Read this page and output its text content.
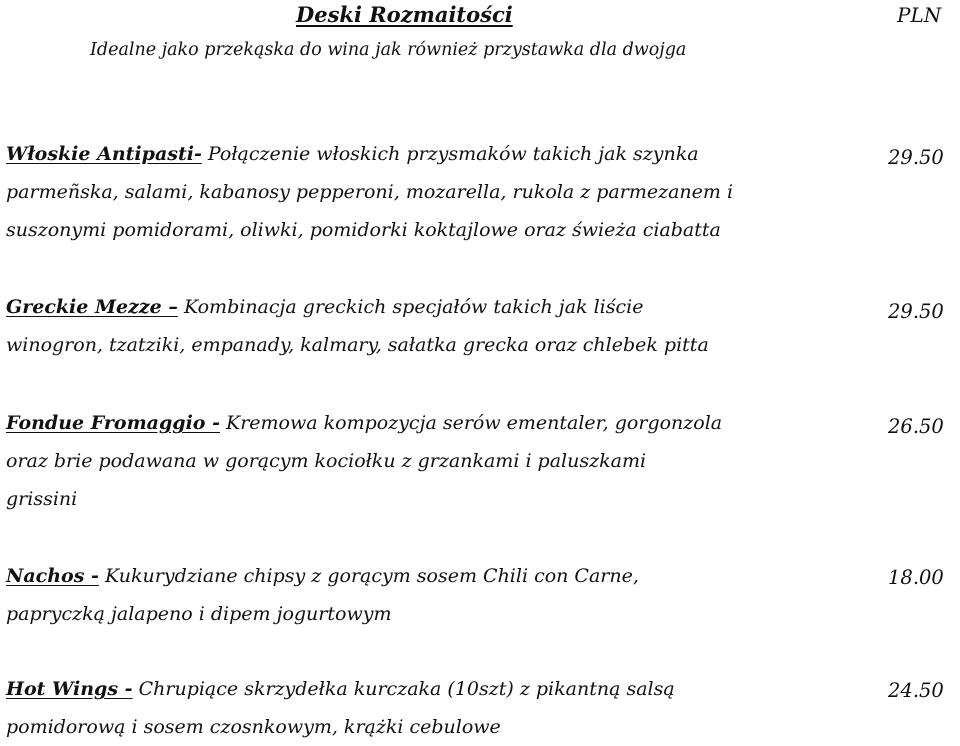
Deski Rozmaitości	PLN
Idealne jako przekąska do wina jak również przystawka dla dwojga

Włoskie Antipasti- Połączenie włoskich przysmaków takich jak szynka
parmeñska, salami, kabanosy pepperoni, mozarella, rukola z parmezanem i
suszonymi pomidorami, oliwki, pomidorki koktajlowe oraz świeża ciabatta

29.50

Greckie Mezze – Kombinacja greckich specjałów takich jak liście
winogron, tzatziki, empanady, kalmary, sałatka grecka oraz chlebek pitta

29.50

Fondue Fromaggio - Kremowa kompozycja serów ementaler, gorgonzola
oraz brie podawana w gorącym kociołku z grzankami i paluszkami
grissini

26.50

Nachos - Kukurydziane chipsy z gorącym sosem Chili con Carne,
papryczką jalapeno i dipem jogurtowym

18.00

Hot Wings - Chrupiące skrzydełka kurczaka (10szt) z pikantną salsą
pomidorową i sosem czosnkowym, krążki cebulowe

24.50
